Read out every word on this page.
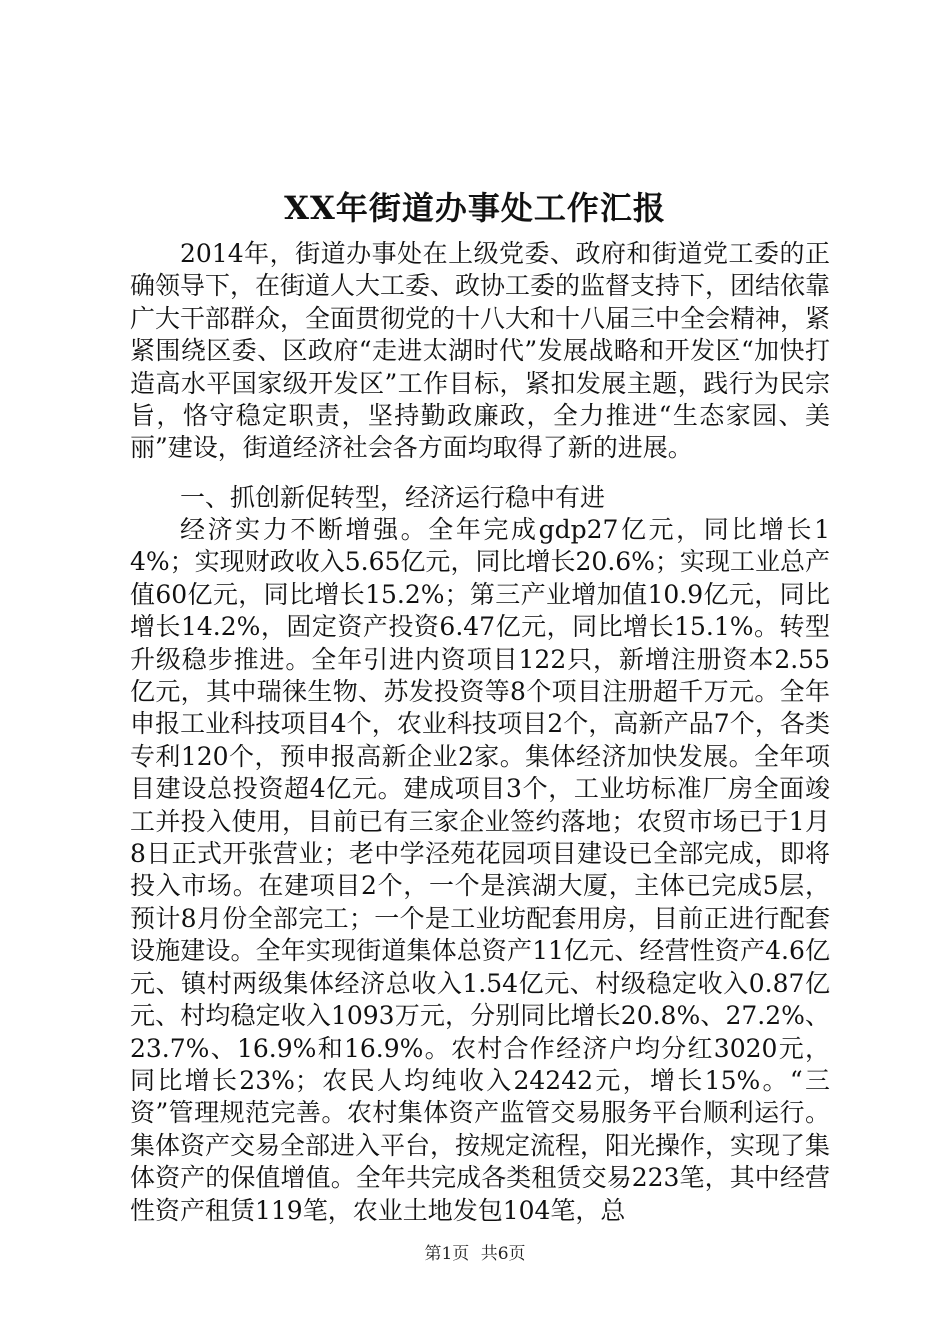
XX年街道办事处工作汇报
2014年，街道办事处在上级党委、政府和街道党工委的正确领导下，在街道人大工委、政协工委的监督支持下，团结依靠广大干部群众，全面贯彻党的十八大和十八届三中全会精神，紧紧围绕区委、区政府“走进太湖时代”发展战略和开发区“加快打造高水平国家级开发区”工作目标，紧扣发展主题，践行为民宗旨，恪守稳定职责，坚持勤政廉政，全力推进“生态家园、美丽”建设，街道经济社会各方面均取得了新的进展。
一、抓创新促转型，经济运行稳中有进
经济实力不断增强。全年完成gdp27亿元，同比增长14%；实现财政收入5.65亿元，同比增长20.6%；实现工业总产值60亿元，同比增长15.2%；第三产业增加值10.9亿元，同比增长14.2%，固定资产投资6.47亿元，同比增长15.1%。转型升级稳步推进。全年引进内资项目122只，新增注册资本2.55亿元，其中瑞徕生物、苏发投资等8个项目注册超千万元。全年申报工业科技项目4个，农业科技项目2个，高新产品7个，各类专利120个，预申报高新企业2家。集体经济加快发展。全年项目建设总投资超4亿元。建成项目3个，工业坊标准厂房全面竣工并投入使用，目前已有三家企业签约落地；农贸市场已于1月8日正式开张营业；老中学泾苑花园项目建设已全部完成，即将投入市场。在建项目2个，一个是滨湖大厦，主体已完成5层，预计8月份全部完工；一个是工业坊配套用房，目前正进行配套设施建设。全年实现街道集体总资产11亿元、经营性资产4.6亿元、镇村两级集体经济总收入1.54亿元、村级稳定收入0.87亿元、村均稳定收入1093万元，分别同比增长20.8%、27.2%、23.7%、16.9%和16.9%。农村合作经济户均分红3020元，同比增长23%；农民人均纯收入24242元，增长15%。“三资”管理规范完善。农村集体资产监管交易服务平台顺利运行。集体资产交易全部进入平台，按规定流程，阳光操作，实现了集体资产的保值增值。全年共完成各类租赁交易223笔，其中经营性资产租赁119笔，农业土地发包104笔，总
第1页 共6页
